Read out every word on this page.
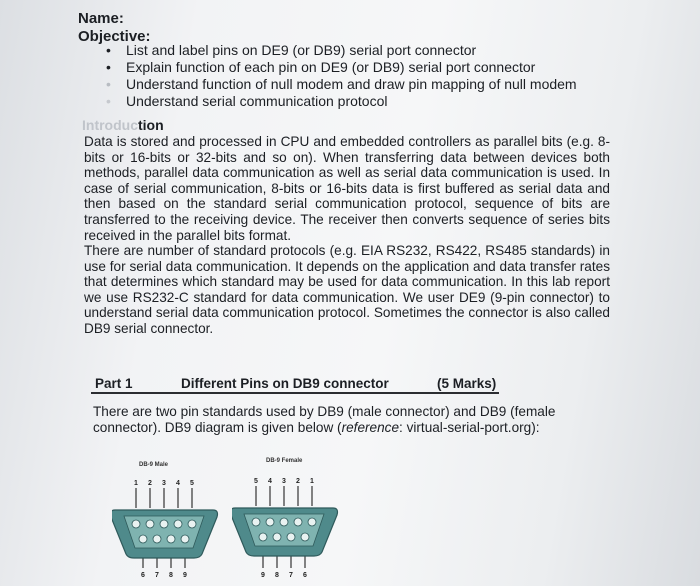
Name:
Objective:
• List and label pins on DE9 (or DB9) serial port connector
• Explain function of each pin on DE9 (or DB9) serial port connector
• Understand function of null modem and draw pin mapping of null modem
• Understand serial communication protocol
Introduction

Data is stored and processed in CPU and embedded controllers as parallel bits (e.g. 8-bits or 16-bits or 32-bits and so on). When transferring data between devices both methods, parallel data communication as well as serial data communication is used. In case of serial communication, 8-bits or 16-bits data is first buffered as serial data and then based on the standard serial communication protocol, sequence of bits are transferred to the receiving device. The receiver then converts sequence of series bits received in the parallel bits format.

There are number of standard protocols (e.g. EIA RS232, RS422, RS485 standards) in use for serial data communication. It depends on the application and data transfer rates that determines which standard may be used for data communication. In this lab report we use RS232-C standard for data communication. We user DE9 (9-pin connector) to understand serial data communication protocol. Sometimes the connector is also called DB9 serial connector.

Part 1	Different Pins on DB9 connector	(5 Marks)

There are two pin standards used by DB9 (male connector) and DB9 (female connector). DB9 diagram is given below (reference: virtual-serial-port.org):

DB-9 Male
DB-9 Female
1 2 3 4 5
6 7 8 9
5 4 3 2 1
9 8 7 6
